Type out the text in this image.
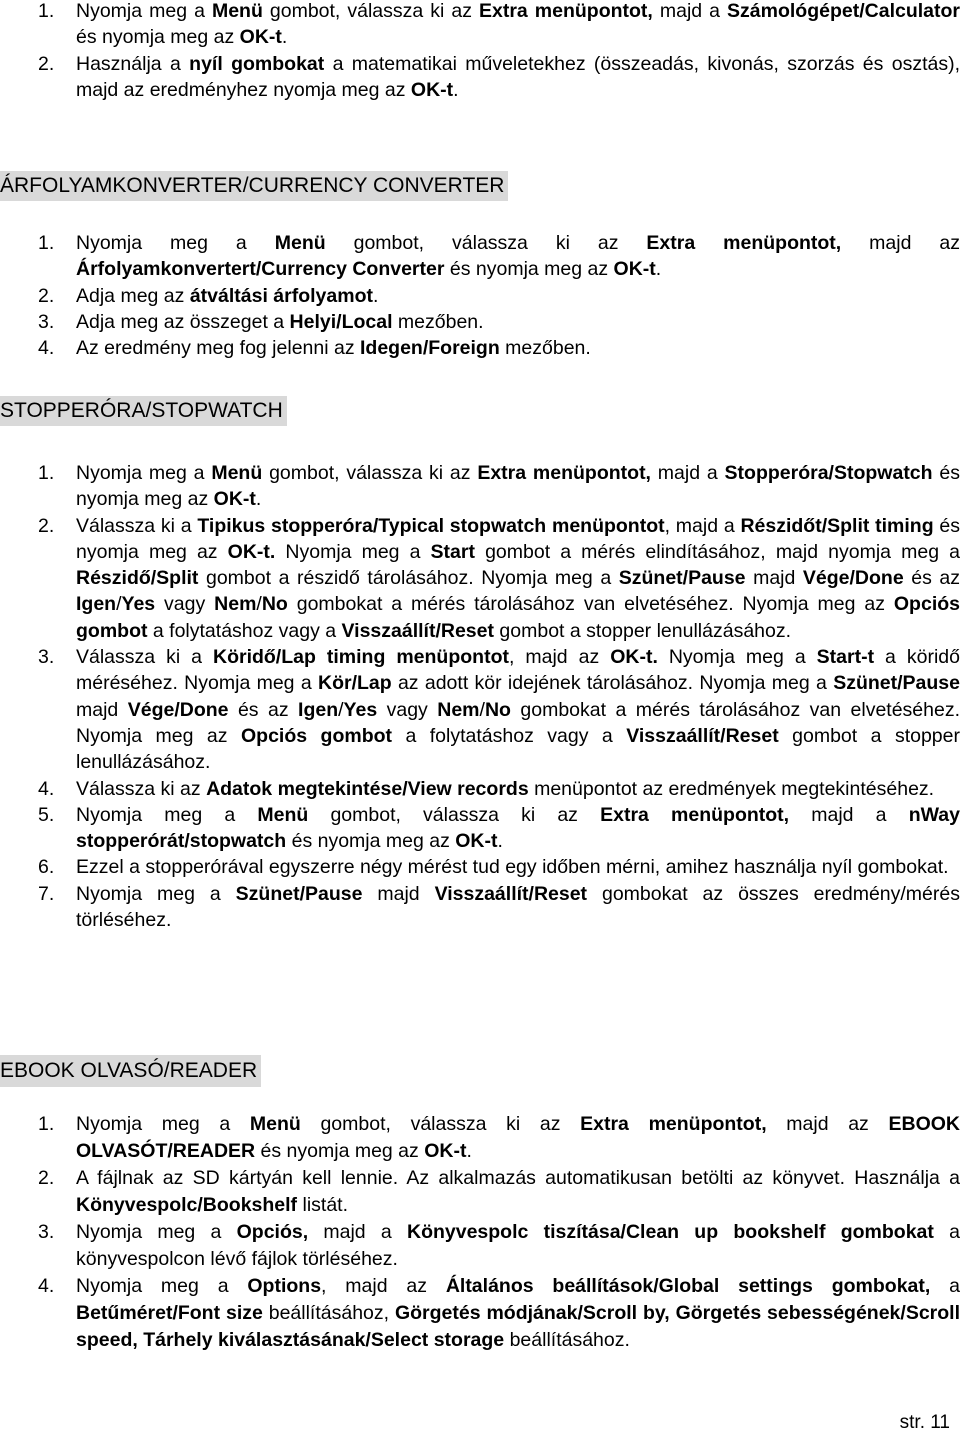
1. Nyomja meg a Menü gombot, válassza ki az Extra menüpontot, majd a Számológépet/Calculator és nyomja meg az OK-t.

2. Használja a nyíl gombokat a matematikai műveletekhez (összeadás, kivonás, szorzás és osztás), majd az eredményhez nyomja meg az OK-t.

ÁRFOLYAMKONVERTER/CURRENCY CONVERTER
1. Nyomja meg a Menü gombot, válassza ki az Extra menüpontot, majd az Árfolyamkonvertert/Currency Converter és nyomja meg az OK-t.

2. Adja meg az átváltási árfolyamot.

3. Adja meg az összeget a Helyi/Local mezőben.

4. Az eredmény meg fog jelenni az Idegen/Foreign mezőben.

STOPPERÓRA/STOPWATCH
1. Nyomja meg a Menü gombot, válassza ki az Extra menüpontot, majd a Stopperóra/Stopwatch és nyomja meg az OK-t.

2. Válassza ki a Tipikus stopperóra/Typical stopwatch menüpontot, majd a Részidőt/Split timing és nyomja meg az OK-t. Nyomja meg a Start gombot a mérés elindításához, majd nyomja meg a Részidő/Split gombot a részidő tárolásához. Nyomja meg a Szünet/Pause majd Vége/Done és az Igen/Yes vagy Nem/No gombokat a mérés tárolásához van elvetéséhez. Nyomja meg az Opciós gombot a folytatáshoz vagy a Visszaállít/Reset gombot a stopper lenullázásához.

3. Válassza ki a Köridő/Lap timing menüpontot, majd az OK-t. Nyomja meg a Start-t a köridő méréséhez. Nyomja meg a Kör/Lap az adott kör idejének tárolásához. Nyomja meg a Szünet/Pause majd Vége/Done és az Igen/Yes vagy Nem/No gombokat a mérés tárolásához van elvetéséhez. Nyomja meg az Opciós gombot a folytatáshoz vagy a Visszaállít/Reset gombot a stopper lenullázásához.

4. Válassza ki az Adatok megtekintése/View records menüpontot az eredmények megtekintéséhez.

5. Nyomja meg a Menü gombot, válassza ki az Extra menüpontot, majd a nWay stopperórát/stopwatch és nyomja meg az OK-t.

6. Ezzel a stopperórával egyszerre négy mérést tud egy időben mérni, amihez használja nyíl gombokat.

7. Nyomja meg a Szünet/Pause majd Visszaállít/Reset gombokat az összes eredmény/mérés törléséhez.

EBOOK OLVASÓ/READER
1. Nyomja meg a Menü gombot, válassza ki az Extra menüpontot, majd az EBOOK OLVASÓT/READER és nyomja meg az OK-t.

2. A fájlnak az SD kártyán kell lennie. Az alkalmazás automatikusan betölti az könyvet. Használja a Könyvespolc/Bookshelf listát.

3. Nyomja meg a Opciós, majd a Könyvespolc tiszítása/Clean up bookshelf gombokat a könyvespolcon lévő fájlok törléséhez.

4. Nyomja meg a Options, majd az Általános beállítások/Global settings gombokat, a Betűméret/Font size beállításához, Görgetés módjának/Scroll by, Görgetés sebességének/Scroll speed, Tárhely kiválasztásának/Select storage beállításához.

str. 11
